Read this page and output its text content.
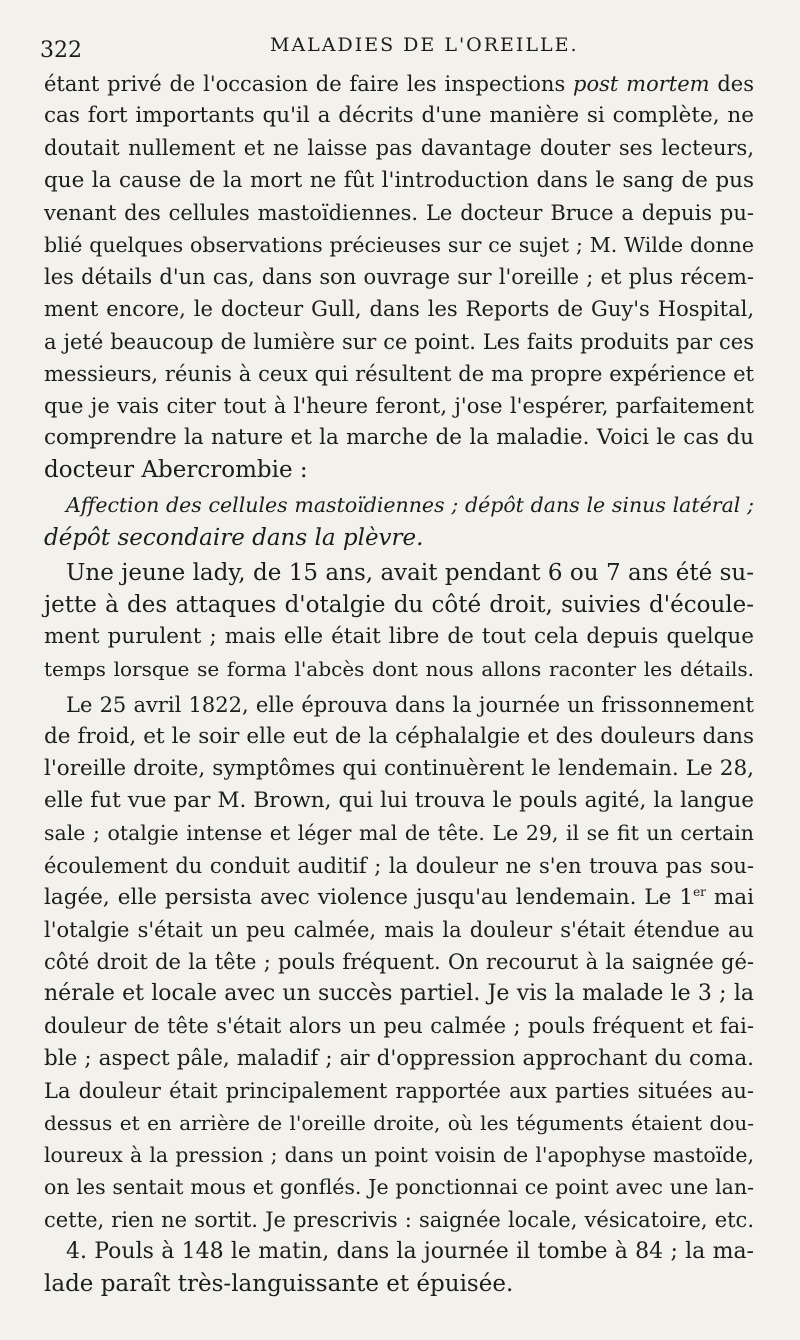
322	MALADIES DE L'OREILLE.
étant privé de l'occasion de faire les inspections post mortem des
cas fort importants qu'il a décrits d'une manière si complète, ne
doutait nullement et ne laisse pas davantage douter ses lecteurs,
que la cause de la mort ne fût l'introduction dans le sang de pus
venant des cellules mastoïdiennes. Le docteur Bruce a depuis pu-
blié quelques observations précieuses sur ce sujet ; M. Wilde donne
les détails d'un cas, dans son ouvrage sur l'oreille ; et plus récem-
ment encore, le docteur Gull, dans les Reports de Guy's Hospital,
a jeté beaucoup de lumière sur ce point. Les faits produits par ces
messieurs, réunis à ceux qui résultent de ma propre expérience et
que je vais citer tout à l'heure feront, j'ose l'espérer, parfaitement
comprendre la nature et la marche de la maladie. Voici le cas du
docteur Abercrombie :
Affection des cellules mastoïdiennes ; dépôt dans le sinus latéral ;
dépôt secondaire dans la plèvre.
Une jeune lady, de 15 ans, avait pendant 6 ou 7 ans été su-
jette à des attaques d'otalgie du côté droit, suivies d'écoule-
ment purulent ; mais elle était libre de tout cela depuis quelque
temps lorsque se forma l'abcès dont nous allons raconter les détails.
Le 25 avril 1822, elle éprouva dans la journée un frissonnement
de froid, et le soir elle eut de la céphalalgie et des douleurs dans
l'oreille droite, symptômes qui continuèrent le lendemain. Le 28,
elle fut vue par M. Brown, qui lui trouva le pouls agité, la langue
sale ; otalgie intense et léger mal de tête. Le 29, il se fit un certain
écoulement du conduit auditif ; la douleur ne s'en trouva pas sou-
lagée, elle persista avec violence jusqu'au lendemain. Le 1er mai
l'otalgie s'était un peu calmée, mais la douleur s'était étendue au
côté droit de la tête ; pouls fréquent. On recourut à la saignée gé-
nérale et locale avec un succès partiel. Je vis la malade le 3 ; la
douleur de tête s'était alors un peu calmée ; pouls fréquent et fai-
ble ; aspect pâle, maladif ; air d'oppression approchant du coma.
La douleur était principalement rapportée aux parties situées au-
dessus et en arrière de l'oreille droite, où les téguments étaient dou-
loureux à la pression ; dans un point voisin de l'apophyse mastoïde,
on les sentait mous et gonflés. Je ponctionnai ce point avec une lan-
cette, rien ne sortit. Je prescrivis : saignée locale, vésicatoire, etc.
4. Pouls à 148 le matin, dans la journée il tombe à 84 ; la ma-
lade paraît très-languissante et épuisée.
